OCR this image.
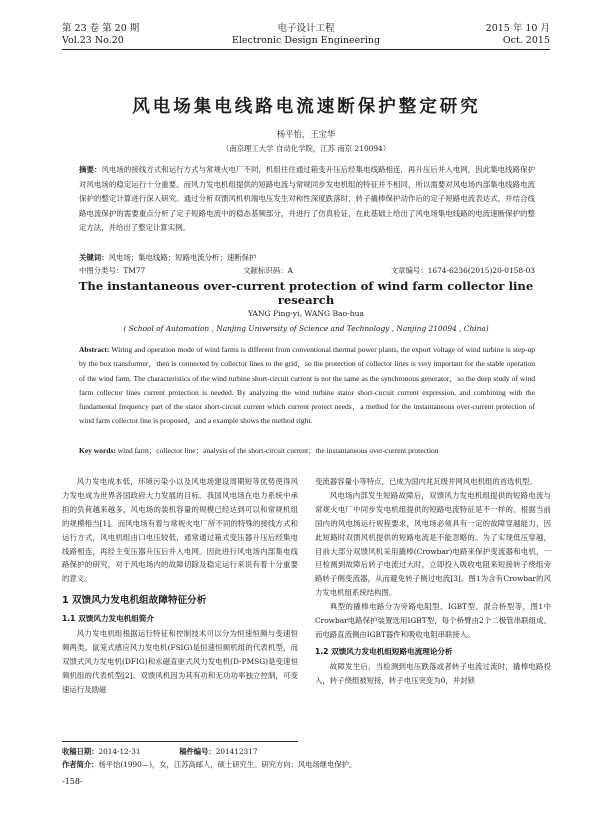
第 23 卷 第 20 期
Vol.23 No.20
电子设计工程
Electronic Design Engineering
2015 年 10 月
Oct. 2015
风电场集电线路电流速断保护整定研究
杨平怡，王宝华
（南京理工大学 自动化学院，江苏 南京 210094）
摘要：风电场的接线方式和运行方式与常规火电厂不同，机组往往通过箱变升压后经集电线路相连，再升压后并入电网，因此集电线路保护对风电场的稳定运行十分重要。而风力发电机组提供的短路电流与常规同步发电机组的特征并不相同，所以需要对风电场内部集电线路电流保护的整定计算进行深入研究。通过分析双馈风机机端电压发生对称性深度跌落时，转子撬棒保护动作后的定子短路电流表达式，并结合线路电流保护的需要重点分析了定子短路电流中的稳态基频部分，并进行了仿真验证，在此基础上给出了风电场集电线路的电流速断保护的整定方法，并给出了整定计算实例。
关键词：风电场；集电线路；短路电流分析；速断保护
中图分类号：TM77	文献标识码：A	文章编号：1674-6236(2015)20-0158-03
The instantaneous over-current protection of wind farm collector line research
YANG Ping-yi, WANG Bao-hua
( School of Automation , Nanjing University of Science and Technology , Nanjing 210094 , China)
Abstract: Wiring and operation mode of wind farms is different from conventional thermal power plants, the export voltage of wind turbine is step-up by the box transformer，then is connected by collector lines to the grid，so the protection of collector lines is very important for the stable operation of the wind farm. The characteristics of the wind turbine short-circuit current is not the same as the synchronous generator，so the deep study of wind farm collector lines current protection is needed. By analyzing the wind turbine stator short-circuit current expression, and combining with the fundamental frequency part of the stator short-circuit current which current protect needs，a method for the instantaneous over-current protection of wind farm collector line is proposed，and a example shows the method right.
Key words: wind farm；collector line；analysis of the short-circuit current；the instantaneous over-current protection

风力发电成本低，环境污染小以及风电场建设周期短等优势使得风力发电成为世界各国政府大力发展的目标。我国风电场在电力系统中承担的负荷越来越多，风电场的装机容量的规模已经达到可以和常规机组的规模相当[1]。而风电场有着与常规火电厂所不同的特殊的接线方式和运行方式，风电机组由口电压较低，通常通过箱式变压器升压后经集电线路相连，再经主变压器升压后并入电网。因此进行风电场内部集电线路保护的研究，对于风电场内的故障切除及稳定运行来说有着十分重要的意义。

1 双馈风力发电机组故障特征分析
1.1 双馈风力发电机组简介

风力发电机组根据运行特征和控制技术可以分为恒速恒频与变速恒频两类。鼠笼式感应风力发电机(FSIG)是恒速恒频机组的代表机型，而双馈式风力发电机(DFIG)和永磁直驱式风力发电机(D-PMSG)是变速恒频机组的代表机型[2]。双馈风机因为其有功和无功功率独立控制，可变速运行及励磁

收稿日期：2014-12-31	稿件编号：201412317
作者简介：杨平怡(1990—)，女，江苏高邮人，硕士研究生。研究方向：风电场继电保护。
-158-

变流器容量小等特点，已成为国内兆瓦级并网风电机组的首选机型。

风电场内部发生短路故障后，双馈风力发电机组提供的短路电流与常规火电厂中同步发电机组提供的短路电流特征是不一样的。根据当前国内的风电场运行规程要求，风电场必须具有一定的故障穿越能力，因此短路时双馈风机提供的短路电流是不能忽略的。为了实现低压穿越，目前大部分双馈风机采用撬棒(Crowbar)电路来保护变流器和电机，一旦检测到故障后转子电流过大时，立即投入吸收电阻来短接转子绕组旁路转子侧变流器，从而避免转子侧过电流[3]。图1为含有Crowbar的风力发电机组系统结构图。

典型的撬棒电路分为旁路电阻型、IGBT型、混合桥型等，图1中Crowbar电路保护装置选用IGBT型，每个桥臂由2个二极管串联组成。而电路直流侧由IGBT器件和吸收电阻串联接入。

1.2 双馈风力发电机组短路电流理论分析

故障发生后，当检测到电压跌落或者转子电流过流时，撬棒电路投入，转子绕组被短接，转子电压突变为0，并封锁
